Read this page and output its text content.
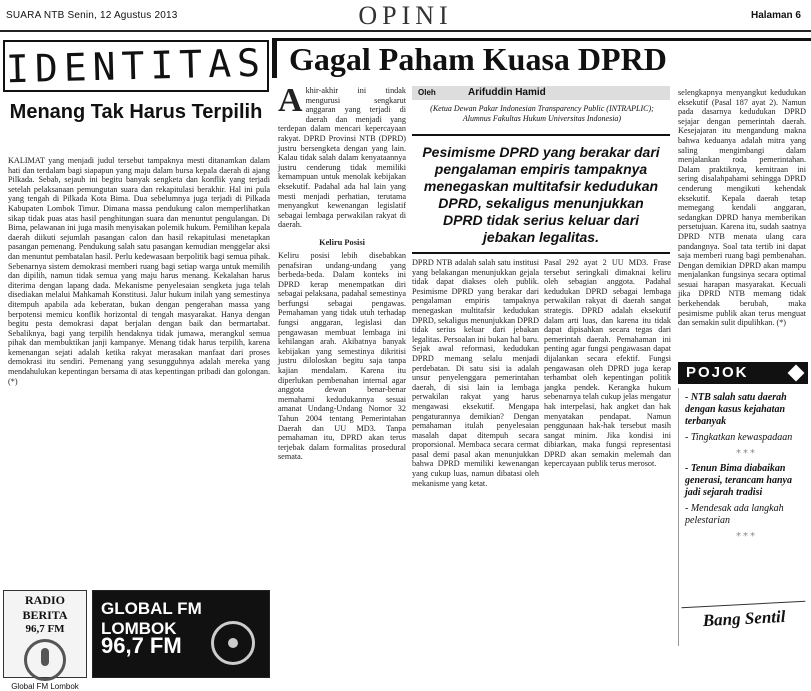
SUARA NTB Senin, 12 Agustus 2013	OPINI	Halaman 6
IDENTITAS
Menang Tak Harus Terpilih
KALIMAT yang menjadi judul tersebut tampaknya mesti ditanamkan dalam hati dan terdalam bagi siapapun yang maju dalam bursa kepala daerah di ajang Pilkada. Sebab, sejauh ini begitu banyak sengketa dan konflik yang terjadi setelah pelaksanaan pemungutan suara dan rekapitulasi berakhir. Hal ini pula yang tengah di Pilkada Kota Bima. Dua sebelumnya juga terjadi di Pilkada Kabupaten Lombok Timur. Dimana massa pendukung calon memperlihatkan sikap tidak puas atas hasil penghitungan suara dan menuntut pengulangan. Di Bima, pelawanan ini juga masih menyisakan polemik hukum. Pemilihan kepala daerah diikuti sejumlah pasangan calon dan hasil rekapitulasi menetapkan pasangan pemenang. Pendukung salah satu pasangan kemudian menggelar aksi dan menuntut pembatalan hasil. Perlu kedewasaan berpolitik bagi semua pihak. Sebenarnya sistem demokrasi memberi ruang bagi setiap warga untuk memilih dan dipilih, namun tidak semua yang maju harus menang. Kekalahan harus diterima dengan lapang dada. Mekanisme penyelesaian sengketa juga telah disediakan melalui Mahkamah Konstitusi. Jalur hukum inilah yang semestinya ditempuh apabila ada keberatan, bukan dengan pengerahan massa yang berpotensi memicu konflik horizontal di tengah masyarakat. Hanya dengan begitu pesta demokrasi dapat berjalan dengan baik dan bermartabat. Sebaliknya, bagi yang terpilih hendaknya tidak jumawa, merangkul semua pihak dan membuktikan janji kampanye. Menang tidak harus terpilih, karena kemenangan sejati adalah ketika rakyat merasakan manfaat dari proses demokrasi itu sendiri. Pemenang yang sesungguhnya adalah mereka yang mendahulukan kepentingan bersama di atas kepentingan pribadi dan golongan. (*)
RADIO BERITA
96,7 FM
Global FM Lombok
GLOBAL FM LOMBOK
96,7 FM
Gagal Paham Kuasa DPRD
A khir-akhir ini tindak mengurusi sengkarut anggaran yang terjadi di daerah dan menjadi yang terdepan dalam mencari kepercayaan rakyat. DPRD Provinsi NTB (DPRD) justru bersengketa dengan yang lain. Kalau tidak salah dalam kenyataannya justru cenderung tidak memiliki kemampuan untuk menolak kebijakan eksekutif. Padahal ada hal lain yang mesti menjadi perhatian, terutama menyangkut kewenangan legislatif sebagai lembaga perwakilan rakyat di daerah.
Keliru Posisi
Keliru posisi lebih disebabkan penafsiran undang-undang yang berbeda-beda. Dalam konteks ini DPRD kerap menempatkan diri sebagai pelaksana, padahal semestinya berfungsi sebagai pengawas. Pemahaman yang tidak utuh terhadap fungsi anggaran, legislasi dan pengawasan membuat lembaga ini kehilangan arah. Akibatnya banyak kebijakan yang semestinya dikritisi justru diloloskan begitu saja tanpa kajian mendalam. Karena itu diperlukan pembenahan internal agar anggota dewan benar-benar memahami kedudukannya sesuai amanat Undang-Undang Nomor 32 Tahun 2004 tentang Pemerintahan Daerah dan UU MD3. Tanpa pemahaman itu, DPRD akan terus terjebak dalam formalitas prosedural semata.
Oleh	Arifuddin Hamid
(Ketua Dewan Pakar Indonesian Transparency Public (INTRAPLIC); Alumnus Fakultas Hukum Universitas Indonesia)
Pesimisme DPRD yang berakar dari pengalaman empiris tampaknya menegaskan multitafsir kedudukan DPRD, sekaligus menunjukkan DPRD tidak serius keluar dari jebakan legalitas.
DPRD NTB adalah salah satu institusi yang belakangan menunjukkan gejala tidak dapat diakses oleh publik. Pesimisme DPRD yang berakar dari pengalaman empiris tampaknya menegaskan multitafsir kedudukan DPRD, sekaligus menunjukkan DPRD tidak serius keluar dari jebakan legalitas. Persoalan ini bukan hal baru. Sejak awal reformasi, kedudukan DPRD memang selalu menjadi perdebatan. Di satu sisi ia adalah unsur penyelenggara pemerintahan daerah, di sisi lain ia lembaga perwakilan rakyat yang harus mengawasi eksekutif. Mengapa pengaturannya demikian? Dengan pemahaman itulah penyelesaian masalah dapat ditempuh secara proporsional. Membaca secara cermat pasal demi pasal akan menunjukkan bahwa DPRD memiliki kewenangan yang cukup luas, namun dibatasi oleh mekanisme yang ketat.
Pasal 292 ayat 2 UU MD3. Frase tersebut seringkali dimaknai keliru oleh sebagian anggota. Padahal kedudukan DPRD sebagai lembaga perwakilan rakyat di daerah sangat strategis. DPRD adalah eksekutif dalam arti luas, dan karena itu tidak dapat dipisahkan secara tegas dari pemerintah daerah. Pemahaman ini penting agar fungsi pengawasan dapat dijalankan secara efektif. Fungsi pengawasan oleh DPRD juga kerap terhambat oleh kepentingan politik jangka pendek. Kerangka hukum sebenarnya telah cukup jelas mengatur hak interpelasi, hak angket dan hak menyatakan pendapat. Namun penggunaan hak-hak tersebut masih sangat minim. Jika kondisi ini dibiarkan, maka fungsi representasi DPRD akan semakin melemah dan kepercayaan publik terus merosot.
selengkapnya menyangkut kedudukan eksekutif (Pasal 187 ayat 2). Namun pada dasarnya kedudukan DPRD sejajar dengan pemerintah daerah. Kesejajaran itu mengandung makna bahwa keduanya adalah mitra yang saling mengimbangi dalam menjalankan roda pemerintahan. Dalam praktiknya, kemitraan ini sering disalahpahami sehingga DPRD cenderung mengikuti kehendak eksekutif. Kepala daerah tetap memegang kendali anggaran, sedangkan DPRD hanya memberikan persetujuan. Karena itu, sudah saatnya DPRD NTB menata ulang cara pandangnya. Soal tata tertib ini dapat saja memberi ruang bagi pembenahan. Dengan demikian DPRD akan mampu menjalankan fungsinya secara optimal sesuai harapan masyarakat. Kecuali jika DPRD NTB memang tidak berkehendak berubah, maka pesimisme publik akan terus menguat dan semakin sulit dipulihkan. (*)
POJOK
- NTB salah satu daerah dengan kasus kejahatan terbanyak
- Tingkatkan kewaspadaan
***
- Tenun Bima diabaikan generasi, terancam hanya jadi sejarah tradisi
- Mendesak ada langkah pelestarian
***
Bang Sentil
